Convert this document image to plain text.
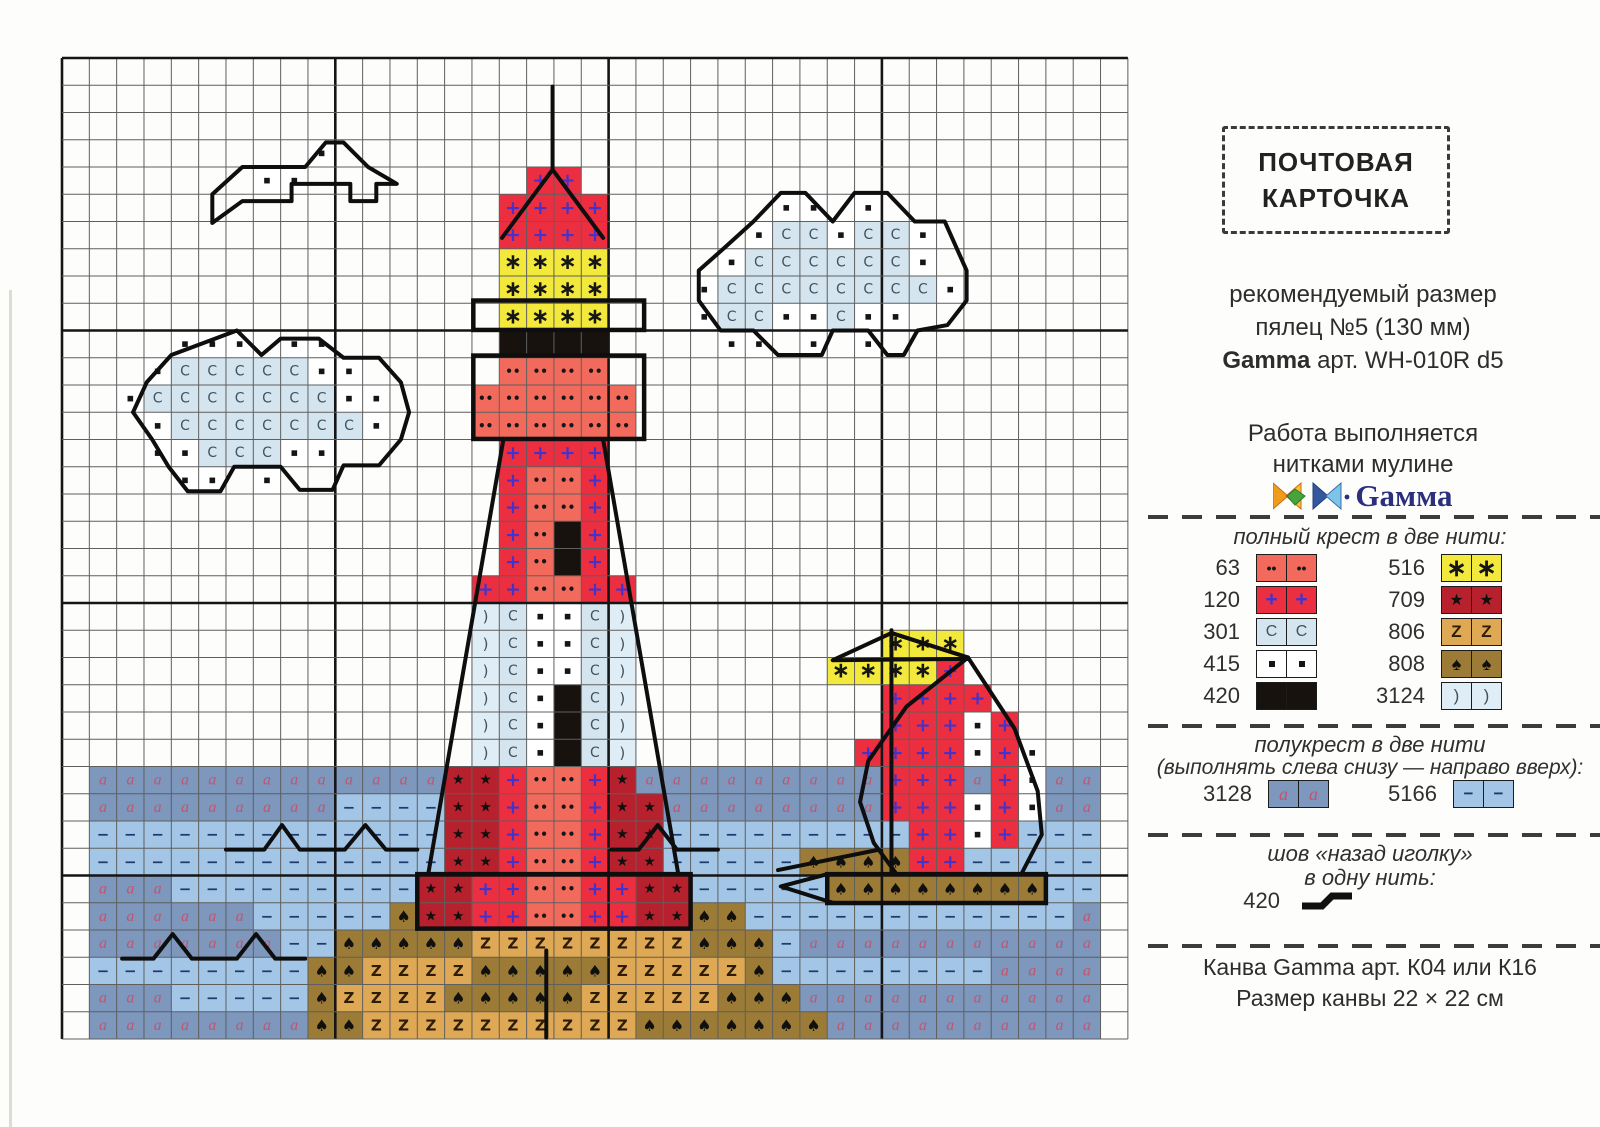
+ +
+ + + +
+ + + +	C C	C C
∗ ∗ ∗ ∗	C C C C C C
∗ ∗ ∗ ∗	C C C C C C C C
∗ ∗ ∗ ∗	C C	C
C C C C C	•• •• •• ••
C C C C C C C	•• •• •• •• •• ••
C C C C C C C	•• •• •• •• •• ••
C C C	+ + + +
+ •• •• +
+ •• •• +
+ •• +
+ •• +
+ + •• •• + +
) C	C )
) C	C )	∗ ∗ ∗
) C	C )	∗ ∗ ∗ ∗ +
) C	C )	+ + + +
) C	C )	+ + + +
) C	C )	+ + + + +
а а а а а а а а а а а а а ★ ★ + •• •• + ★ а а а а а а а а а + + + а +	а а
а а а а а а а а а − − − − ★ ★ + •• •• + ★ ★ а а а а а а а а + + + +	а а
− − − − − − − − − − − − − ★ ★ + •• •• + ★ ★ − − − − − − − − − + + + − − −
− − − − − − − − − − − − − ★ ★ + •• •• + ★ ★ − − − − − ♠ ♠ ♠ ♠ + + − − − − −
а а а − − − − − − − − − ★ ★ + + •• •• + + ★ ★ − − − − − ♠ ♠ ♠ ♠ ♠ ♠ ♠ ♠ − −
а а а а а а − − − − − ♠ ★ ★ + + •• •• + + ★ ★ ♠ ♠ − − − − − − − − − − − − а
а а а а а а а − − ♠ ♠ ♠ ♠ ♠ Z Z Z Z Z Z Z Z ♠ ♠ ♠ − а а а а а а а а а а а
− − − − − − − − ♠ ♠ Z Z Z Z ♠ ♠ ♠ ♠ ♠ Z Z Z Z Z ♠ − − − − − − − − а а а а
а а а − − − − − ♠ Z Z Z Z ♠ ♠ ♠ ♠ ♠ Z Z Z Z Z ♠ ♠ ♠ а а а а а а а а а а а
а а а а а а а а ♠ ♠ Z Z Z Z Z Z Z Z Z Z ♠ ♠ ♠ ♠ ♠ ♠ ♠ а а а а а а а а а а
ПОЧТОВАЯ
КАРТОЧКА
рекомендуемый размер
пялец №5 (130 мм)
Gamma арт. WH-010R d5
Работа выполняется
нитками мулине
Gамма
полный крест в две нити:
63 •• ••	516 ∗ ∗
120 + +	709 ★ ★
301 C C	806 Z Z
415	808 ♠ ♠
420	3124 ) )
полукрест в две нити
(выполнять слева снизу — направо вверх):
3128 а а	5166 − −
шов «назад иголку»
в одну нить:
420
Канва Gamma арт. К04 или К16
Размер канвы 22 × 22 см
